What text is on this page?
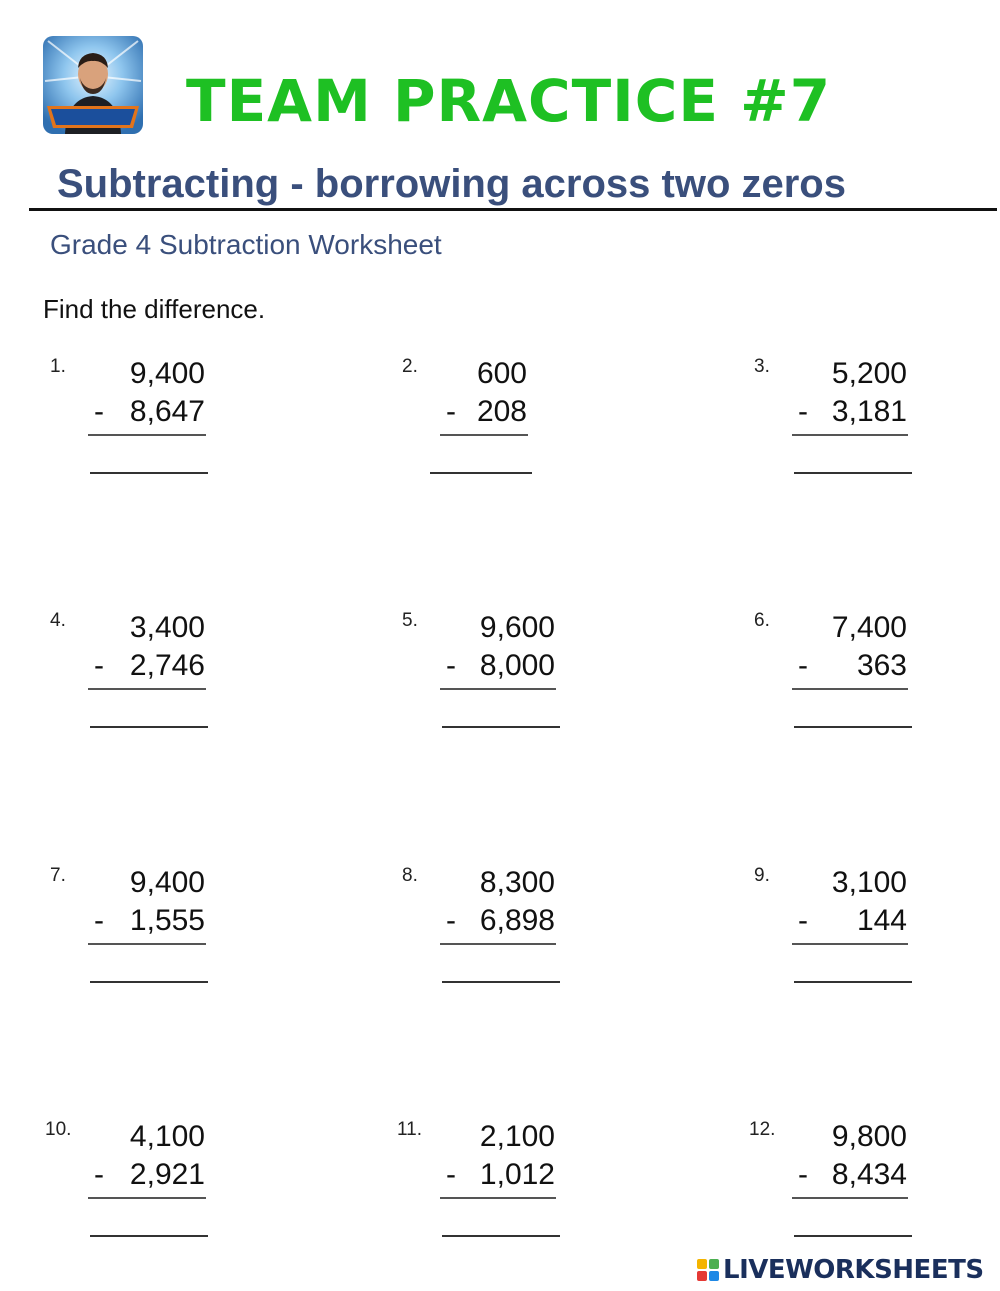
TEAM PRACTICE #7
Subtracting - borrowing across two zeros
Grade 4 Subtraction Worksheet
Find the difference.
1.	9,400
- 8,647
2.	600
- 208
3.	5,200
- 3,181
4.	3,400
- 2,746
5.	9,600
- 8,000
6.	7,400
-	363
7.	9,400
- 1,555
8.	8,300
- 6,898
9.	3,100
-	144
10.	4,100
- 2,921
11.	2,100
- 1,012
12.	9,800
- 8,434
LIVEWORKSHEETS
